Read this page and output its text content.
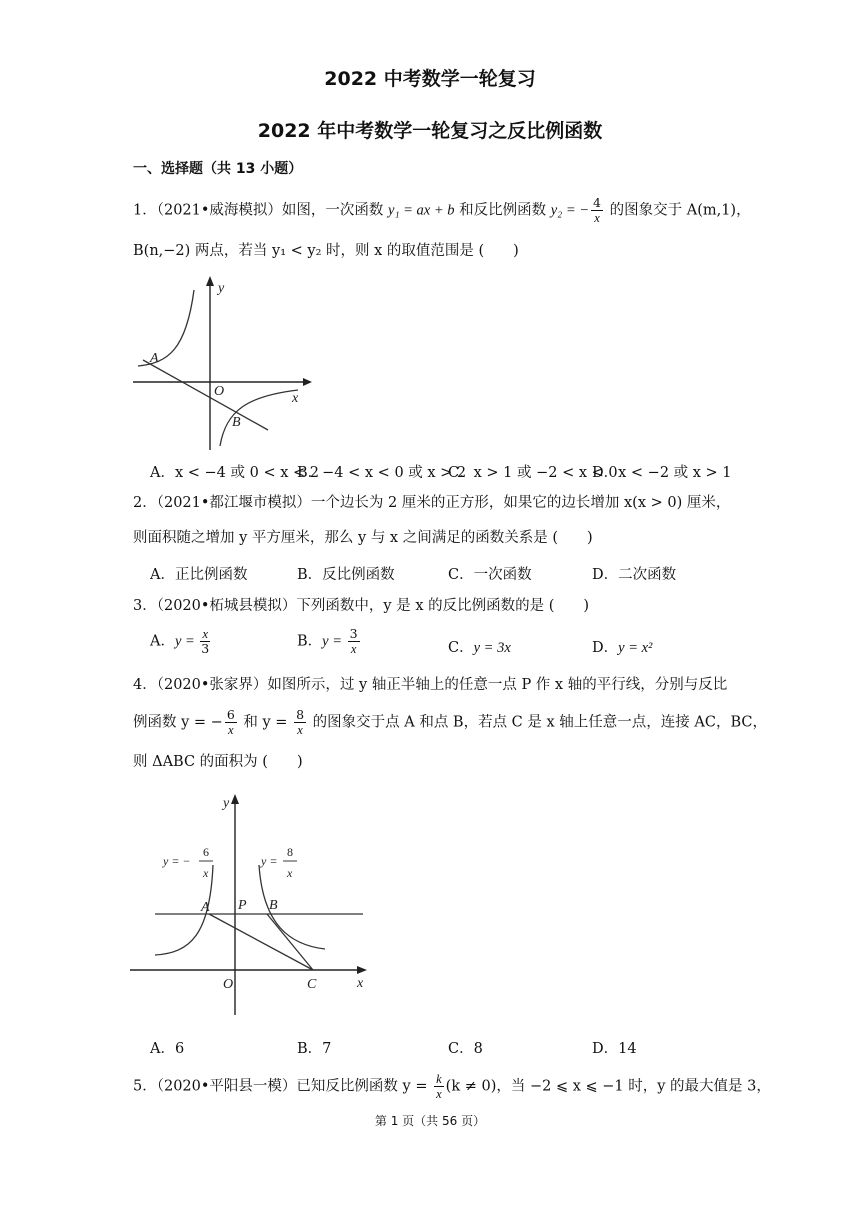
2022 中考数学一轮复习
2022 年中考数学一轮复习之反比例函数
一、选择题（共 13 小题）
1．（2021•威海模拟）如图，一次函数 y₁ = ax + b 和反比例函数 y₂ = − $\frac{4}{x}$ 的图象交于 A(m,1)，
B(n,−2) 两点，若当 y₁ < y₂ 时，则 x 的取值范围是 (　　)
y
x
O
A
B
A．x < −4 或 0 < x < 2
B．−4 < x < 0 或 x > 2
C．x > 1 或 −2 < x < 0
D．x < −2 或 x > 1
2．（2021•都江堰市模拟）一个边长为 2 厘米的正方形，如果它的边长增加 x(x > 0) 厘米，
则面积随之增加 y 平方厘米，那么 y 与 x 之间满足的函数关系是 (　　)
A．正比例函数	B．反比例函数	C．一次函数	D．二次函数
3．（2020•柘城县模拟）下列函数中，y 是 x 的反比例函数的是 (　　)
A．$y = \frac{x}{3}$	B．$y = \frac{3}{x}$	C．y = 3x	D．y = x²
4．（2020•张家界）如图所示，过 y 轴正半轴上的任意一点 P 作 x 轴的平行线，分别与反比
例函数 y = − $\frac{6}{x}$ 和 $y = \frac{8}{x}$ 的图象交于点 A 和点 B，若点 C 是 x 轴上任意一点，连接 AC，BC，
则 ΔABC 的面积为 (　　)
y
x
O
A P B
C
y = −
6
x
y =
8
x
A．6	B．7	C．8	D．14
5．（2020•平阳县一模）已知反比例函数 $y = \frac{k}{x} (k \ne 0)$，当 −2 ⩽ x ⩽ −1 时，y 的最大值是 3，
第 1 页（共 56 页）
